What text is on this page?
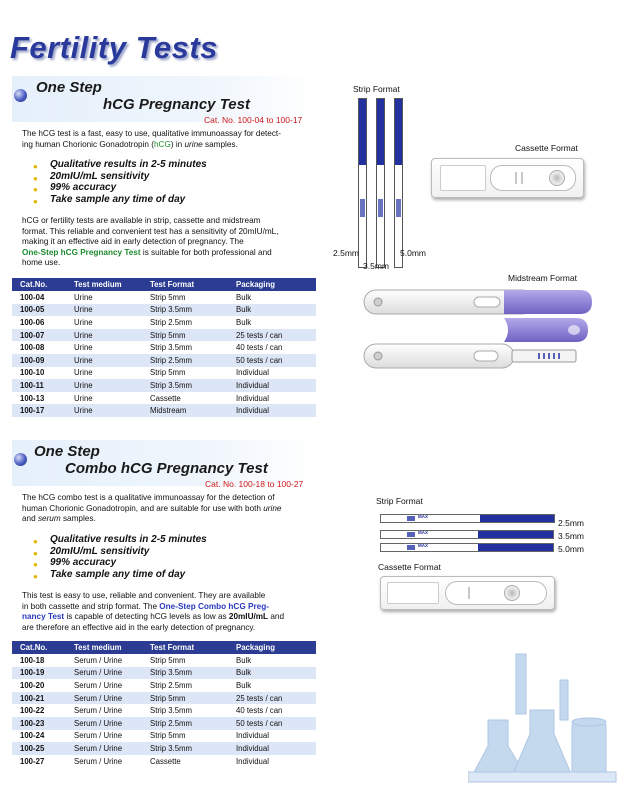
Fertility Tests
One Step
hCG Pregnancy Test
Cat. No. 100-04 to 100-17
The hCG test is a fast, easy to use, qualitative immunoassay for detect-
ing human Chorionic Gonadotropin (hCG) in urine samples.
● Qualitative results in 2-5 minutes
● 20mIU/mL sensitivity
● 99% accuracy
● Take sample any time of day
hCG or fertility tests are available in strip, cassette and midstream
format. This reliable and convenient test has a sensitivity of 20mIU/mL,
making it an effective aid in early detection of pregnancy. The
One-Step hCG Pregnancy Test is suitable for both professional and
home use.
Cat.No.	Test medium	Test Format	Packaging
100-04	Urine	Strip 5mm	Bulk
100-05	Urine	Strip 3.5mm	Bulk
100-06	Urine	Strip 2.5mm	Bulk
100-07	Urine	Strip 5mm	25 tests / can
100-08	Urine	Strip 3.5mm	40 tests / can
100-09	Urine	Strip 2.5mm	50 tests / can
100-10	Urine	Strip 5mm	Individual
100-11	Urine	Strip 3.5mm	Individual
100-13	Urine	Cassette	Individual
100-17	Urine	Midstream	Individual
One Step
Combo hCG Pregnancy Test
Cat. No. 100-18 to 100-27
The hCG combo test is a qualitative immunoassay for the detection of
human Chorionic Gonadotropin, and are suitable for use with both urine
and serum samples.
● Qualitative results in 2-5 minutes
● 20mIU/mL sensitivity
● 99% accuracy
● Take sample any time of day
This test is easy to use, reliable and convenient. They are available
in both cassette and strip format. The One-Step Combo hCG Preg-
nancy Test is capable of detecting hCG levels as low as 20mIU/mL and
are therefore an effective aid in the early detection of pregnancy.
Cat.No.	Test medium	Test Format	Packaging
100-18	Serum / Urine	Strip 5mm	Bulk
100-19	Serum / Urine	Strip 3.5mm	Bulk
100-20	Serum / Urine	Strip 2.5mm	Bulk
100-21	Serum / Urine	Strip 5mm	25 tests / can
100-22	Serum / Urine	Strip 3.5mm	40 tests / can
100-23	Serum / Urine	Strip 2.5mm	50 tests / can
100-24	Serum / Urine	Strip 5mm	Individual
100-25	Serum / Urine	Strip 3.5mm	Individual
100-27	Serum / Urine	Cassette	Individual
Strip Format
2.5mm
3.5mm
5.0mm
Cassette Format
Midstream Format
Strip Format
MAX
MAX
MAX
2.5mm
3.5mm
5.0mm
Cassette Format
